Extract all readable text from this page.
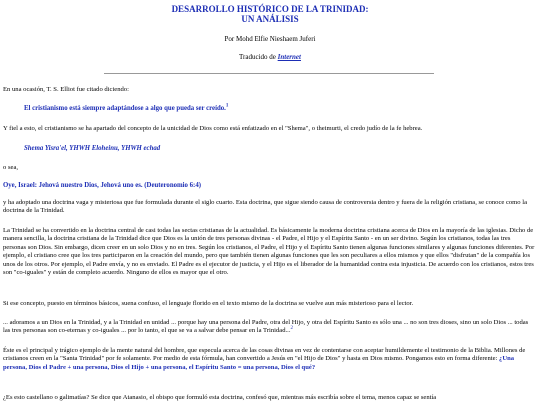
DESARROLLO HISTÓRICO DE LA TRINIDAD:
UN ANÁLISIS
Por Mohd Elfie Nieshaem Juferi
Traducido de Internet

En una ocasión, T. S. Elliot fue citado diciendo:

El cristianismo está siempre adaptándose a algo que pueda ser creído.$^1$

Y fiel a esto, el cristianismo se ha apartado del concepto de la unicidad de Dios como está enfatizado en el "Shema", o theimurti, el credo judío de la fe hebrea.

Shema Yisra'el, YHWH Eloheinu, YHWH echad

o sea,

Oye, Israel: Jehová nuestro Dios, Jehová uno es. (Deuteronomio 6:4)

y ha adoptado una doctrina vaga y misteriosa que fue formulada durante el siglo cuarto. Esta doctrina, que sigue siendo causa de controversia dentro y fuera de la religión cristiana, se conoce como la doctrina de la Trinidad.

La Trinidad se ha convertido en la doctrina central de casi todas las sectas cristianas de la actualidad. Es básicamente la moderna doctrina cristiana acerca de Dios en la mayoría de las iglesias. Dicho de manera sencilla, la doctrina cristiana de la Trinidad dice que Dios es la unión de tres personas divinas - el Padre, el Hijo y el Espíritu Santo - en un ser divino. Según los cristianos, todas las tres personas son Dios. Sin embargo, dicen creer en un solo Dios y no en tres. Según los cristianos, el Padre, el Hijo y el Espíritu Santo tienen algunas funciones similares y algunas funciones diferentes. Por ejemplo, el cristiano cree que los tres participaron en la creación del mundo, pero que también tienen algunas funciones que les son peculiares a ellos mismos y que ellos "disfrutan" de la compañía los unos de los otros. Por ejemplo, el Padre envía, y no es enviado. El Padre es el ejecutor de justicia, y el Hijo es el liberador de la humanidad contra esta injusticia. De acuerdo con los cristianos, estos tres son "co-iguales" y están de completo acuerdo. Ninguno de ellos es mayor que el otro.

Si ese concepto, puesto en términos básicos, suena confuso, el lenguaje florido en el texto mismo de la doctrina se vuelve aun más misterioso para el lector.

... adoramos a un Dios en la Trinidad, y a la Trinidad en unidad ... porque hay una persona del Padre, otra del Hijo, y otra del Espíritu Santo es sólo una ... no son tres dioses, sino un solo Dios ... todas las tres personas son co-eternas y co-iguales ... por lo tanto, el que se va a salvar debe pensar en la Trinidad...$^2$

Éste es el principal y trágico ejemplo de la mente natural del hombre, que especula acerca de las cosas divinas en vez de contentarse con aceptar humildemente el testimonio de la Biblia. Millones de cristianos creen en la "Santa Trinidad" por fe solamente. Por medio de esta fórmula, han convertido a Jesús en "el Hijo de Dios" y hasta en Dios mismo. Pongamos esto en forma diferente: ¿Una persona, Dios el Padre + una persona, Dios el Hijo + una persona, el Espíritu Santo = una persona, Dios el qué?

¿Es esto castellano o galimatías? Se dice que Atanasio, el obispo que formuló esta doctrina, confesó que, mientras más escribía sobre el tema, menos capaz se sentía
